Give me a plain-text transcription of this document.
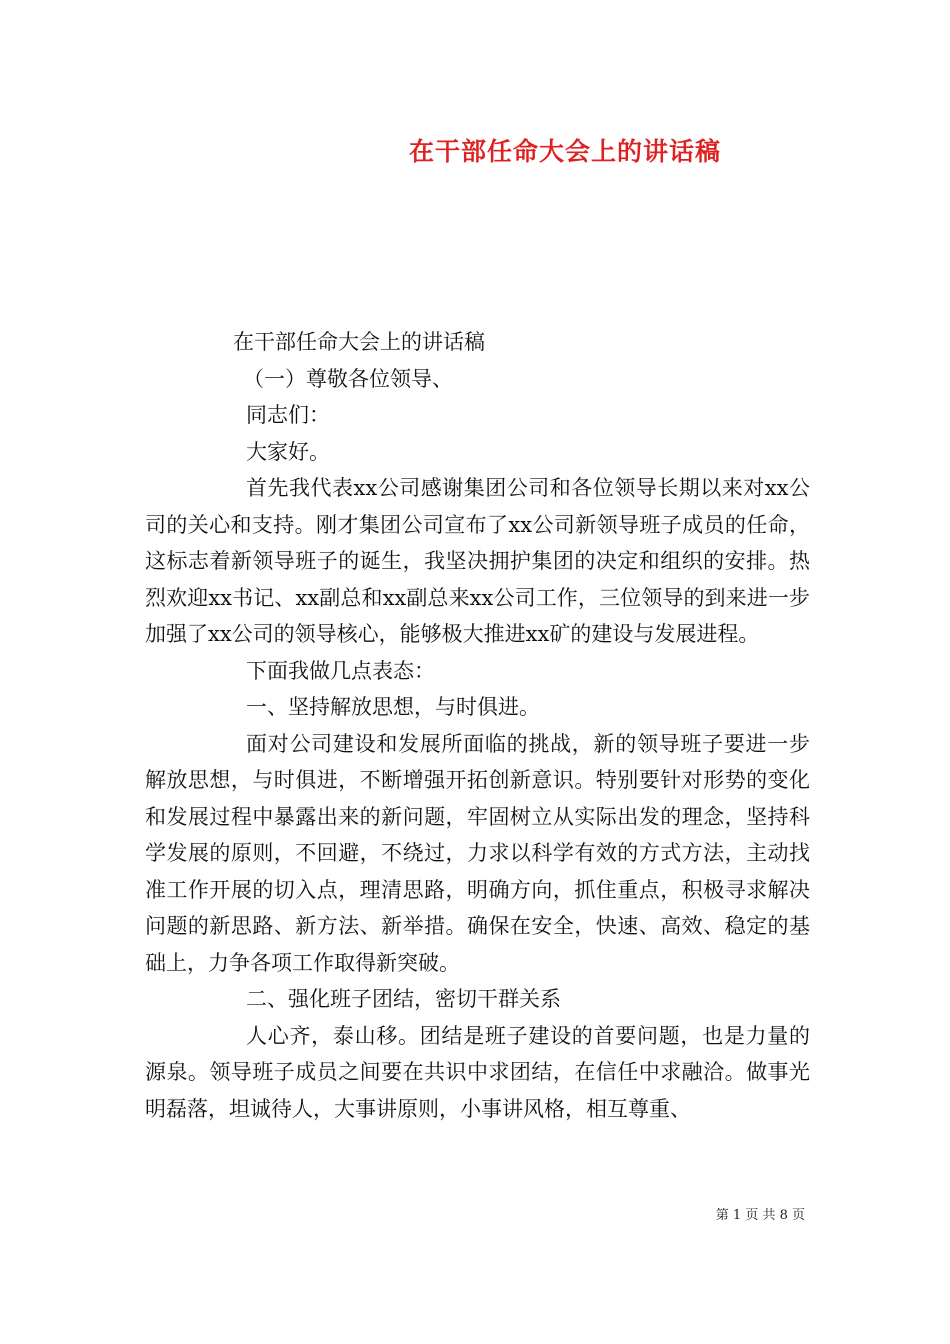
在干部任命大会上的讲话稿

在干部任命大会上的讲话稿

（一）尊敬各位领导、

同志们：

大家好。

首先我代表xx公司感谢集团公司和各位领导长期以来对xx公司的关心和支持。刚才集团公司宣布了xx公司新领导班子成员的任命，这标志着新领导班子的诞生，我坚决拥护集团的决定和组织的安排。热烈欢迎xx书记、xx副总和xx副总来xx公司工作，三位领导的到来进一步加强了xx公司的领导核心，能够极大推进xx矿的建设与发展进程。

下面我做几点表态：

一、坚持解放思想，与时俱进。

面对公司建设和发展所面临的挑战，新的领导班子要进一步解放思想，与时俱进，不断增强开拓创新意识。特别要针对形势的变化和发展过程中暴露出来的新问题，牢固树立从实际出发的理念，坚持科学发展的原则，不回避，不绕过，力求以科学有效的方式方法，主动找准工作开展的切入点，理清思路，明确方向，抓住重点，积极寻求解决问题的新思路、新方法、新举措。确保在安全，快速、高效、稳定的基础上，力争各项工作取得新突破。

二、强化班子团结，密切干群关系

人心齐，泰山移。团结是班子建设的首要问题，也是力量的源泉。领导班子成员之间要在共识中求团结，在信任中求融洽。做事光明磊落，坦诚待人，大事讲原则，小事讲风格，相互尊重、

第 1 页 共 8 页
